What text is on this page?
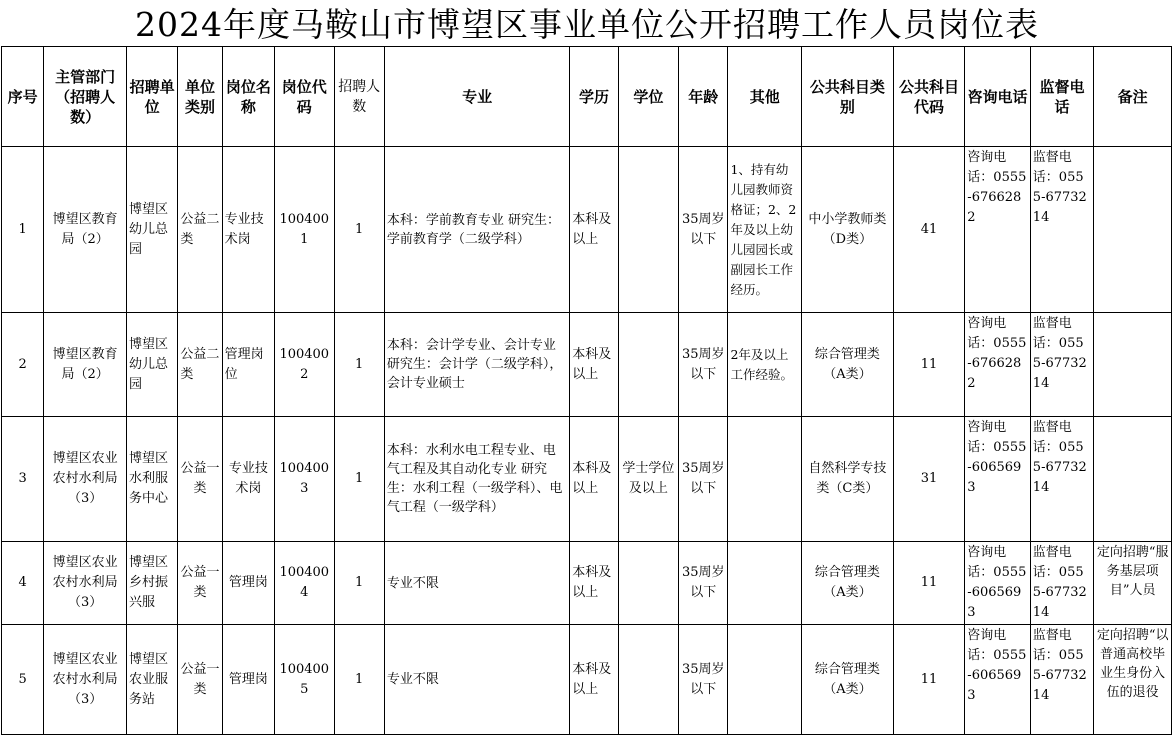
2024年度马鞍山市博望区事业单位公开招聘工作人员岗位表
序号	主管部门（招聘人数）	招聘单位	单位类别	岗位名称	岗位代码	招聘人数	专业	学历	学位	年龄	其他	公共科目类别	公共科目代码	咨询电话	监督电话	备注
1	博望区教育局（2）	博望区幼儿总园	公益二类	专业技术岗	1004001	1	本科：学前教育专业 研究生：学前教育学（二级学科）	本科及以上		35周岁以下	1、持有幼儿园教师资格证；2、2年及以上幼儿园园长或副园长工作经历。	中小学教师类（D类）	41	咨询电话：0555-6766282	监督电话：0555-6773214	
2	博望区教育局（2）	博望区幼儿总园	公益二类	管理岗位	1004002	1	本科：会计学专业、会计专业 研究生：会计学（二级学科），会计专业硕士	本科及以上		35周岁以下	2年及以上工作经验。	综合管理类（A类）	11	咨询电话：0555-6766282	监督电话：0555-6773214	
3	博望区农业农村水利局（3）	博望区水利服务中心	公益一类	专业技术岗	1004003	1	本科：水利水电工程专业、电气工程及其自动化专业 研究生：水利工程（一级学科）、电气工程（一级学科）	本科及以上	学士学位及以上	35周岁以下		自然科学专技类（C类）	31	咨询电话：0555-6065693	监督电话：0555-6773214	
4	博望区农业农村水利局（3）	博望区乡村振兴服	公益一类	管理岗	1004004	1	专业不限	本科及以上		35周岁以下		综合管理类（A类）	11	咨询电话：0555-6065693	监督电话：0555-6773214	定向招聘“服务基层项目”人员
5	博望区农业农村水利局（3）	博望区农业服务站	公益一类	管理岗	1004005	1	专业不限	本科及以上		35周岁以下		综合管理类（A类）	11	咨询电话：0555-6065693	监督电话：0555-6773214	定向招聘“以普通高校毕业生身份入伍的退役
